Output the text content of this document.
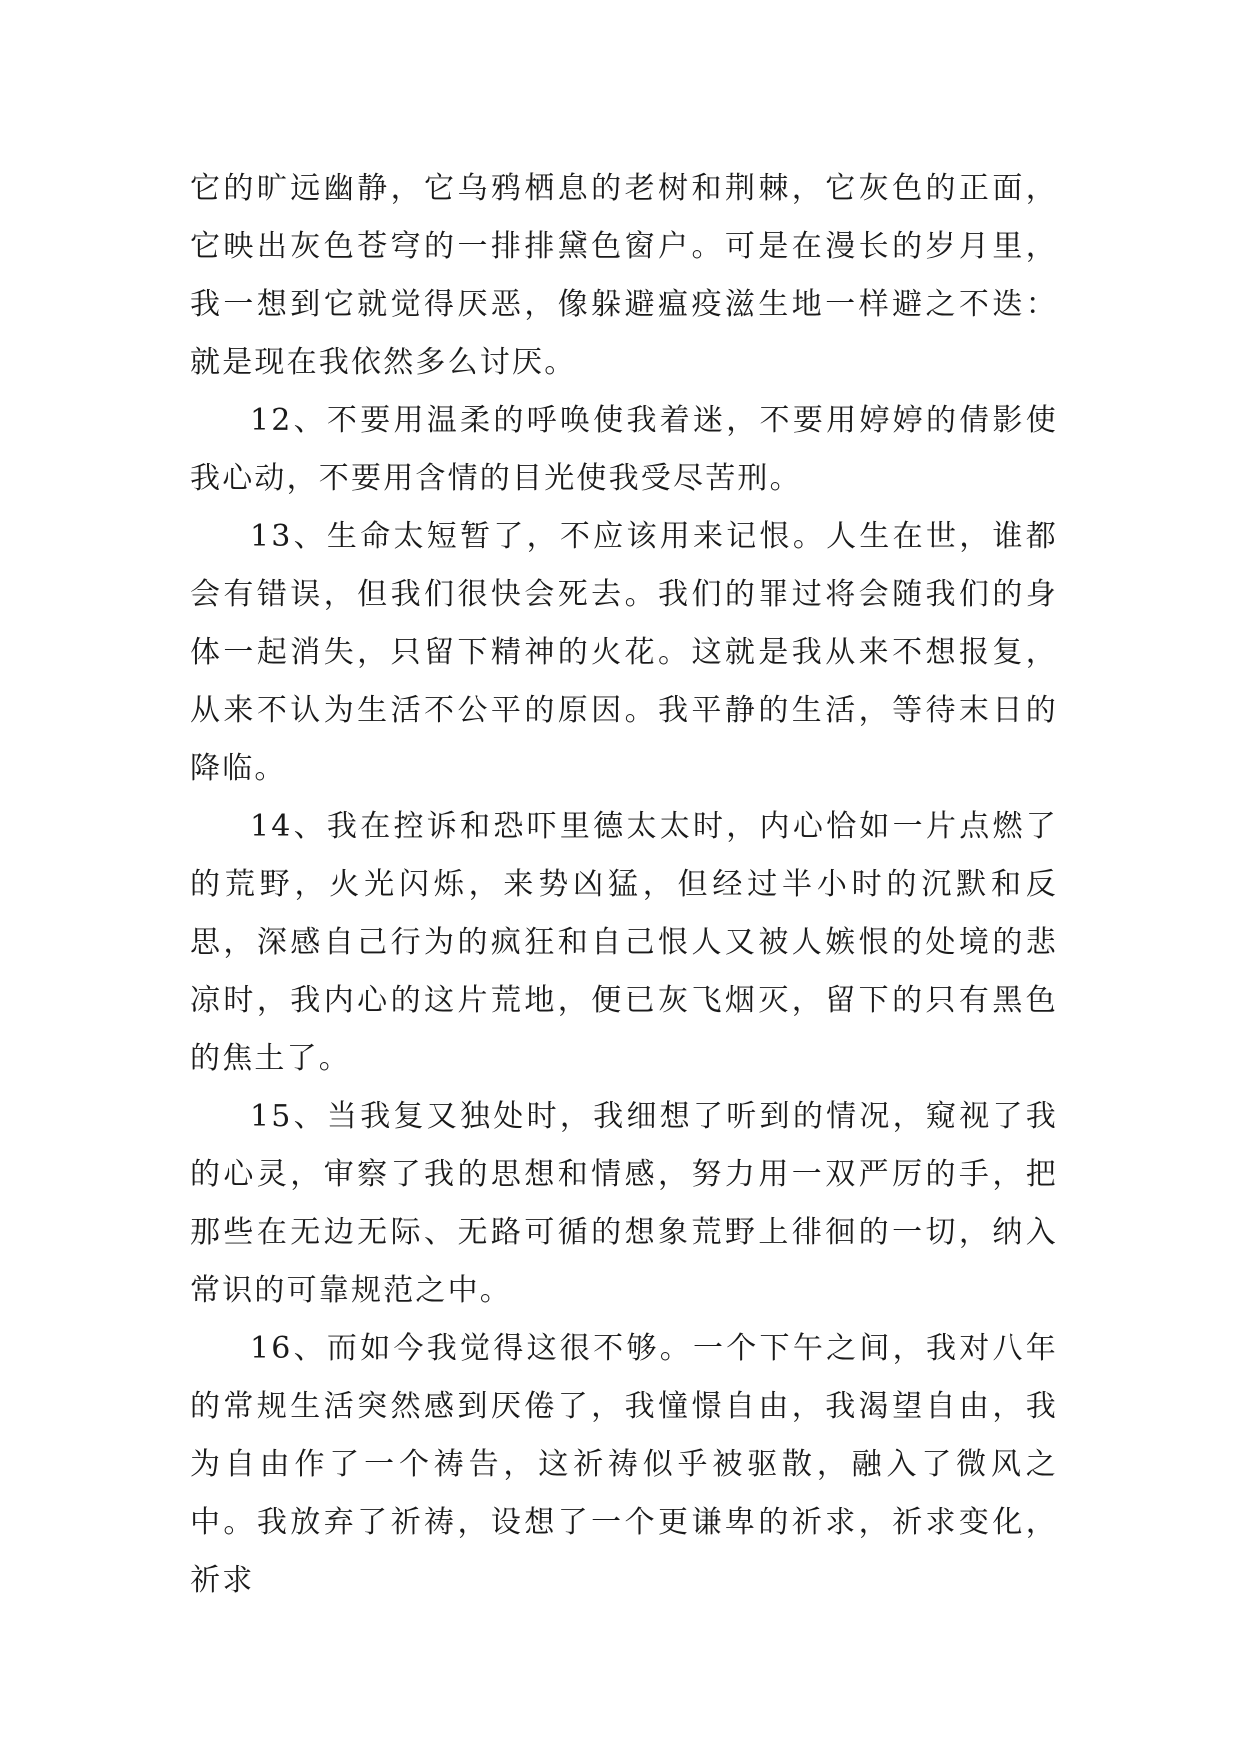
它的旷远幽静，它乌鸦栖息的老树和荆棘，它灰色的正面，它映出灰色苍穹的一排排黛色窗户。可是在漫长的岁月里，我一想到它就觉得厌恶，像躲避瘟疫滋生地一样避之不迭：就是现在我依然多么讨厌。

12、不要用温柔的呼唤使我着迷，不要用婷婷的倩影使我心动，不要用含情的目光使我受尽苦刑。

13、生命太短暂了，不应该用来记恨。人生在世，谁都会有错误，但我们很快会死去。我们的罪过将会随我们的身体一起消失，只留下精神的火花。这就是我从来不想报复，从来不认为生活不公平的原因。我平静的生活，等待末日的降临。

14、我在控诉和恐吓里德太太时，内心恰如一片点燃了的荒野，火光闪烁，来势凶猛，但经过半小时的沉默和反思，深感自己行为的疯狂和自己恨人又被人嫉恨的处境的悲凉时，我内心的这片荒地，便已灰飞烟灭，留下的只有黑色的焦土了。

15、当我复又独处时，我细想了听到的情况，窥视了我的心灵，审察了我的思想和情感，努力用一双严厉的手，把那些在无边无际、无路可循的想象荒野上徘徊的一切，纳入常识的可靠规范之中。

16、而如今我觉得这很不够。一个下午之间，我对八年的常规生活突然感到厌倦了，我憧憬自由，我渴望自由，我为自由作了一个祷告，这祈祷似乎被驱散，融入了微风之中。我放弃了祈祷，设想了一个更谦卑的祈求，祈求变化，祈求
